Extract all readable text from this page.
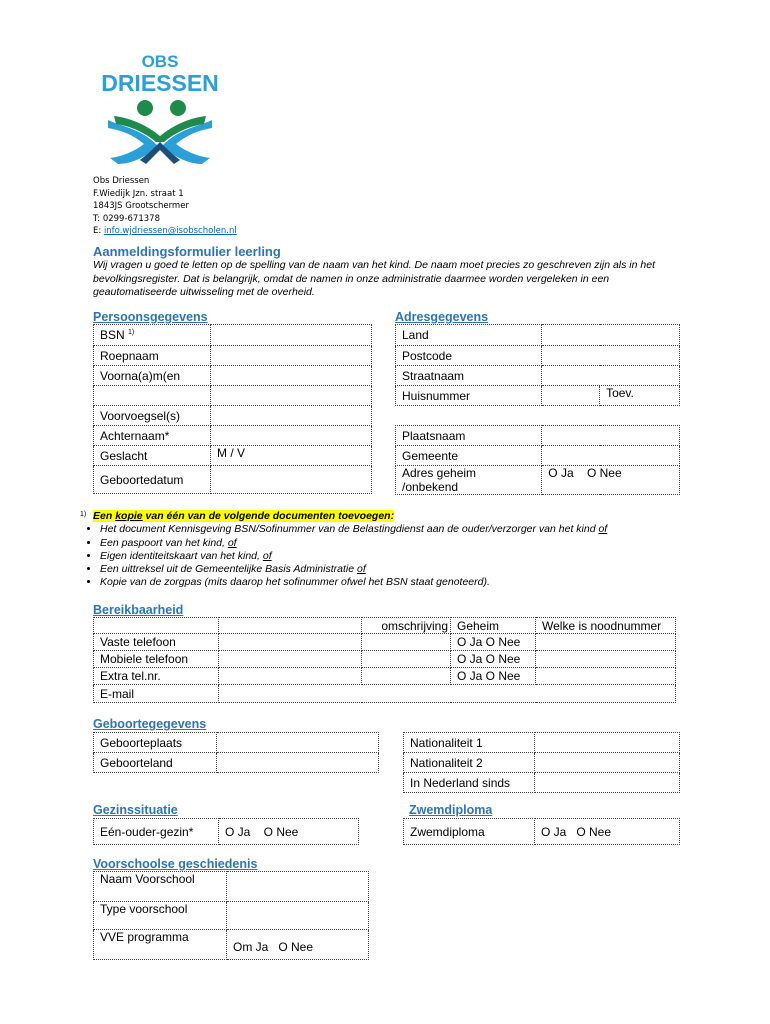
OBS
DRIESSEN
Obs Driessen
F.Wiedijk Jzn. straat 1
1843JS Grootschermer
T: 0299-671378
E: info.wjdriessen@isobscholen.nl
Aanmeldingsformulier leerling
Wij vragen u goed te letten op de spelling van de naam van het kind. De naam moet precies zo geschreven zijn als in het bevolkingsregister. Dat is belangrijk, omdat de namen in onze administratie daarmee worden vergeleken in een geautomatiseerde uitwisseling met de overheid.
Persoonsgegevens
BSN $^{1)}$	
Roepnaam	
Voorna(a)m(en	

Voorvoegsel(s)	
Achternaam*	
Geslacht	M / V
Geboortedatum	
Adresgegevens
Land		
Postcode		
Straatnaam		
Huisnummer		Toev.

Plaatsnaam		
Gemeente		

Adres geheim
/onbekend	O Ja    O Nee	
1) Een kopie van één van de volgende documenten toevoegen:
• Het document Kennisgeving BSN/Sofinummer van de Belastingdienst aan de ouder/verzorger van het kind of
• Een paspoort van het kind, of
• Eigen identiteitskaart van het kind, of
• Een uittreksel uit de Gemeentelijke Basis Administratie of
• Kopie van de zorgpas (mits daarop het sofinummer ofwel het BSN staat genoteerd).
Bereikbaarheid
		omschrijving	Geheim	Welke is noodnummer
Vaste telefoon			O Ja O Nee	
Mobiele telefoon			O Ja O Nee	
Extra tel.nr.			O Ja O Nee	
E-mail				
Geboortegegevens
Geboorteplaats	
Geboorteland	
Nationaliteit 1	
Nationaliteit 2	
In Nederland sinds	
Gezinssituatie
Eén-ouder-gezin*	O Ja    O Nee
Zwemdiploma
Zwemdiploma	O Ja   O Nee
Voorschoolse geschiedenis
Naam Voorschool	
Type voorschool	
VVE programma	Om Ja   O Nee
